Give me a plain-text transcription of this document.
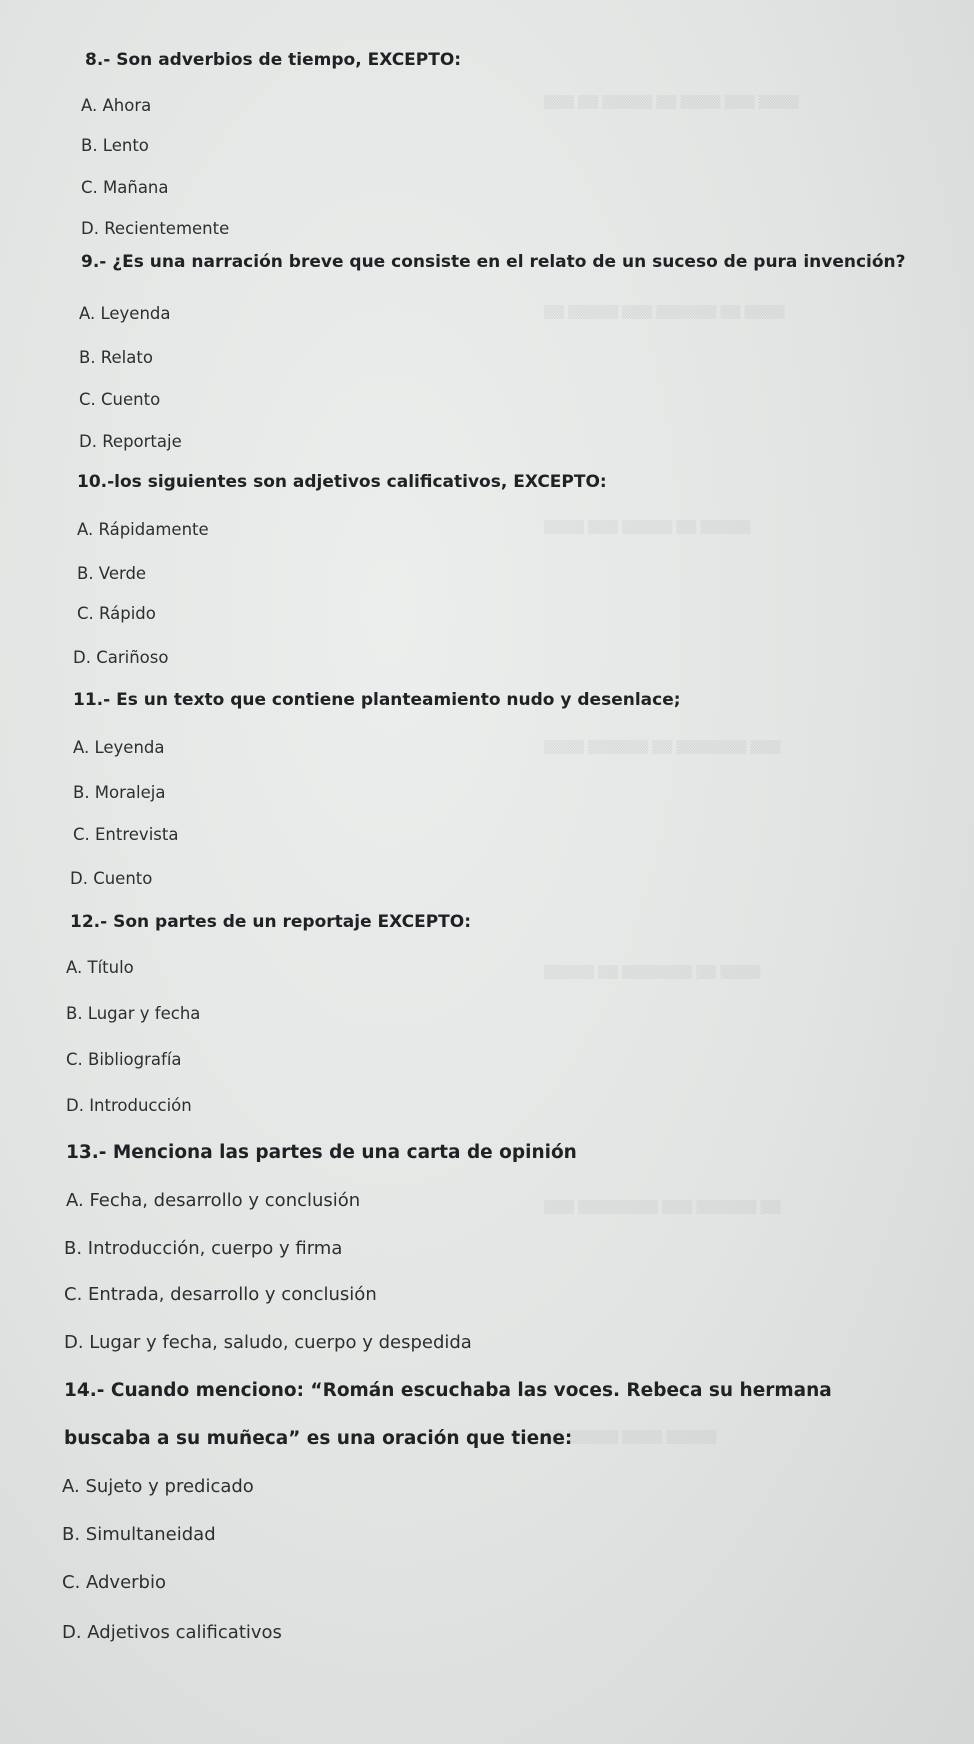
▒▒▒▒ ▒▒▒ ▒▒▒▒ ▒▒ ▒▒▒▒▒ ▒▒ ▒▒▒
▒▒▒▒ ▒▒ ▒▒▒▒▒▒ ▒▒▒ ▒▒▒▒▒ ▒▒
▒▒▒▒▒ ▒▒ ▒▒▒▒▒ ▒▒▒ ▒▒▒▒
▒▒▒ ▒▒▒▒▒▒▒ ▒▒ ▒▒▒▒▒▒ ▒▒▒▒
▒▒▒▒ ▒▒ ▒▒▒▒▒▒▒ ▒▒ ▒▒▒▒▒
▒▒ ▒▒▒▒▒▒ ▒▒▒ ▒▒▒▒▒▒▒▒ ▒▒▒
▒▒▒▒▒ ▒▒▒▒ ▒▒▒▒▒ ▒▒
8.- Son adverbios de tiempo, EXCEPTO:
A. Ahora
B. Lento
C. Mañana
D. Recientemente
9.- ¿Es una narración breve que consiste en el relato de un suceso de pura invención?
A. Leyenda
B. Relato
C. Cuento
D. Reportaje
10.-los siguientes son adjetivos calificativos, EXCEPTO:
A. Rápidamente
B. Verde
C. Rápido
D. Cariñoso
11.- Es un texto que contiene planteamiento nudo y desenlace;
A. Leyenda
B. Moraleja
C. Entrevista
D. Cuento
12.- Son partes de un reportaje EXCEPTO:
A. Título
B. Lugar y fecha
C. Bibliografía
D. Introducción
13.- Menciona las partes de una carta de opinión
A. Fecha, desarrollo y conclusión
B. Introducción, cuerpo y firma
C. Entrada, desarrollo y conclusión
D. Lugar y fecha, saludo, cuerpo y despedida
14.- Cuando menciono: “Román escuchaba las voces. Rebeca su hermana
buscaba a su muñeca” es una oración que tiene:
A. Sujeto y predicado
B. Simultaneidad
C. Adverbio
D. Adjetivos calificativos
